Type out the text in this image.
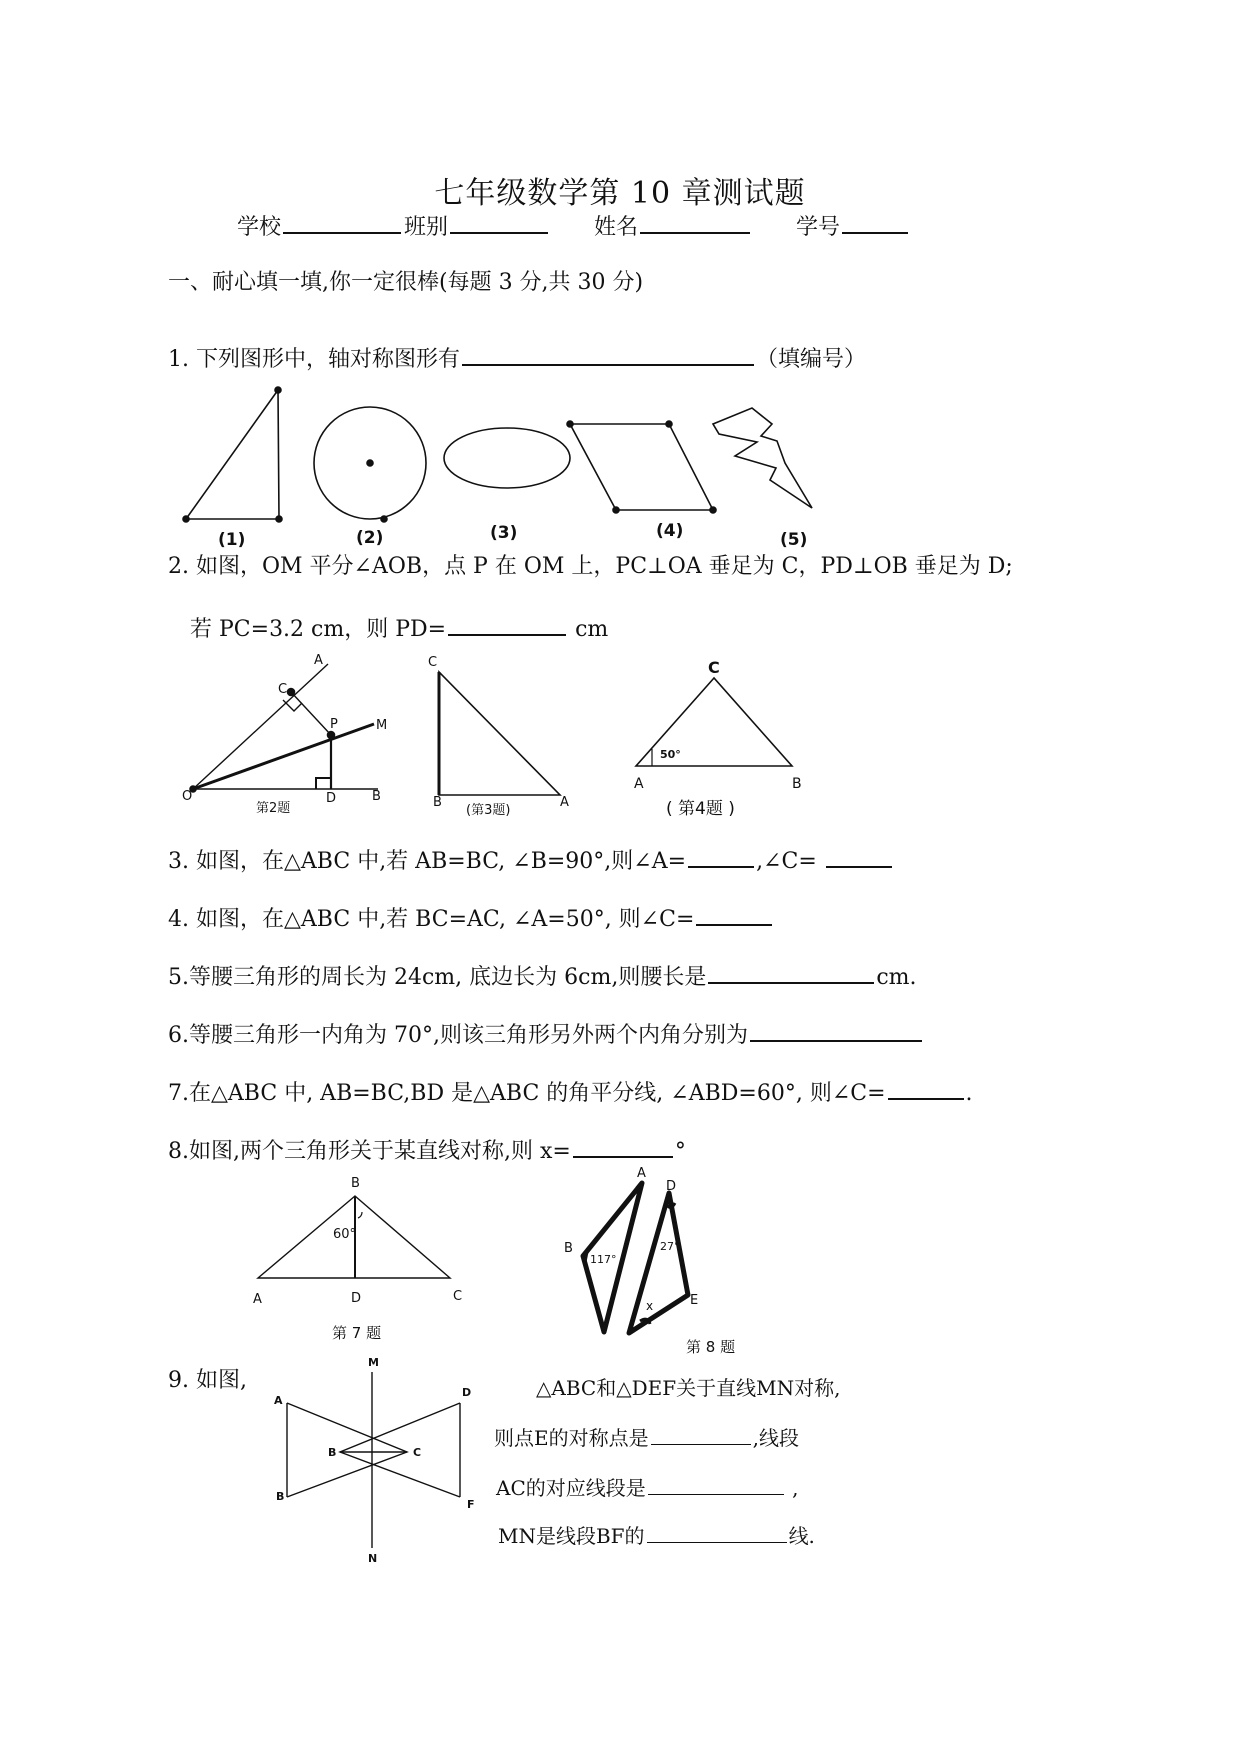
七年级数学第 10 章测试题
学校	班别	姓名	学号
一、耐心填一填,你一定很棒(每题 3 分,共 30 分)
1. 下列图形中，轴对称图形有	（填编号）
2. 如图，OM 平分∠AOB，点 P 在 OM 上，PC⊥OA 垂足为 C，PD⊥OB 垂足为 D;
若 PC=3.2 cm，则 PD=	cm
3. 如图，在△ABC 中,若 AB=BC, ∠B=90°,则∠A=	,∠C=
4. 如图，在△ABC 中,若 BC=AC, ∠A=50°, 则∠C=
5.等腰三角形的周长为 24cm, 底边长为 6cm,则腰长是	cm.
6.等腰三角形一内角为 70°,则该三角形另外两个内角分别为
7.在△ABC 中, AB=BC,BD 是△ABC 的角平分线, ∠ABD=60°, 则∠C=	.
8.如图,两个三角形关于某直线对称,则 x=	°
9. 如图,	△ABC和△DEF关于直线MN对称,
则点E的对称点是	,线段
AC的对应线段是	,
MN是线段BF的	线.
(1)	(2)	(3)	(4)	(5)
A
C
P	M
O	D	B
第2题
C
B	A
(第3题)
C
A	B
50°
( 第4题 )
B
60°
A	D	C
第 7 题
A
B
117°
D
27°
E
x
第 8 题
M
N
A
B
B	C
D
F
